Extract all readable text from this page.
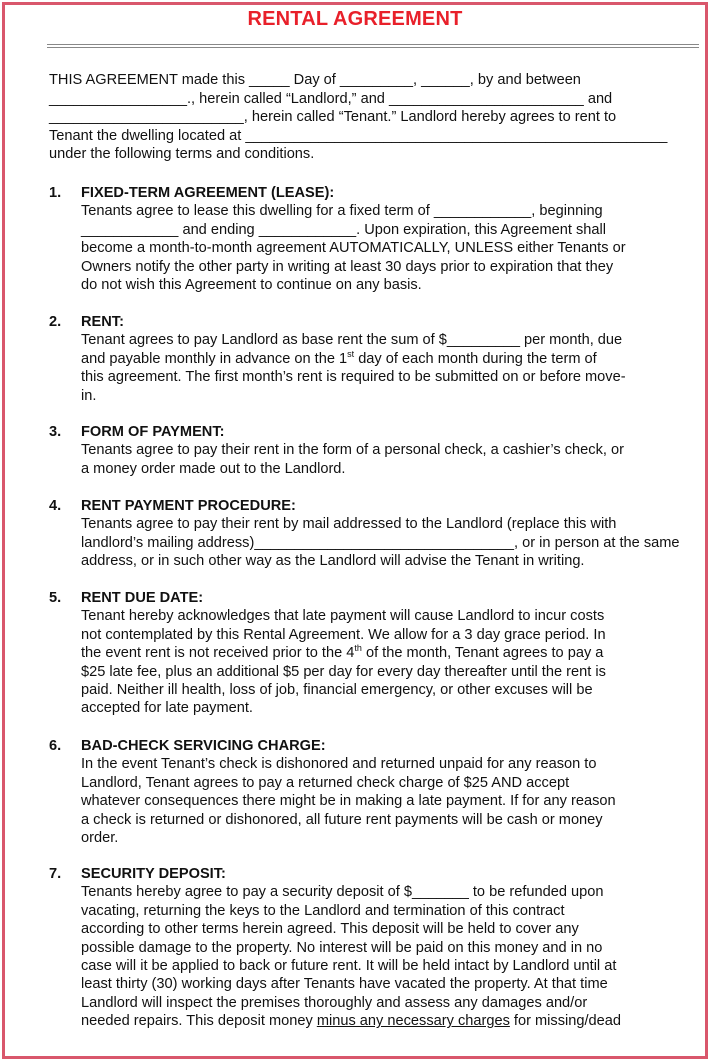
RENTAL AGREEMENT
THIS AGREEMENT made this _____ Day of _________, ______, by and between
_________________., herein called “Landlord,” and ________________________ and
________________________, herein called “Tenant.” Landlord hereby agrees to rent to
Tenant the dwelling located at ____________________________________________________
under the following terms and conditions.
1. FIXED-TERM AGREEMENT (LEASE):
Tenants agree to lease this dwelling for a fixed term of ____________, beginning
____________ and ending ____________. Upon expiration, this Agreement shall
become a month-to-month agreement AUTOMATICALLY, UNLESS either Tenants or
Owners notify the other party in writing at least 30 days prior to expiration that they
do not wish this Agreement to continue on any basis.
2. RENT:
Tenant agrees to pay Landlord as base rent the sum of $_________ per month, due
and payable monthly in advance on the 1st day of each month during the term of
this agreement. The first month’s rent is required to be submitted on or before move-
in.
3. FORM OF PAYMENT:
Tenants agree to pay their rent in the form of a personal check, a cashier’s check, or
a money order made out to the Landlord.
4. RENT PAYMENT PROCEDURE:
Tenants agree to pay their rent by mail addressed to the Landlord (replace this with
landlord’s mailing address)________________________________, or in person at the same
address, or in such other way as the Landlord will advise the Tenant in writing.
5. RENT DUE DATE:
Tenant hereby acknowledges that late payment will cause Landlord to incur costs
not contemplated by this Rental Agreement. We allow for a 3 day grace period. In
the event rent is not received prior to the 4th of the month, Tenant agrees to pay a
$25 late fee, plus an additional $5 per day for every day thereafter until the rent is
paid. Neither ill health, loss of job, financial emergency, or other excuses will be
accepted for late payment.
6. BAD-CHECK SERVICING CHARGE:
In the event Tenant’s check is dishonored and returned unpaid for any reason to
Landlord, Tenant agrees to pay a returned check charge of $25 AND accept
whatever consequences there might be in making a late payment. If for any reason
a check is returned or dishonored, all future rent payments will be cash or money
order.
7. SECURITY DEPOSIT:
Tenants hereby agree to pay a security deposit of $_______ to be refunded upon
vacating, returning the keys to the Landlord and termination of this contract
according to other terms herein agreed. This deposit will be held to cover any
possible damage to the property. No interest will be paid on this money and in no
case will it be applied to back or future rent. It will be held intact by Landlord until at
least thirty (30) working days after Tenants have vacated the property. At that time
Landlord will inspect the premises thoroughly and assess any damages and/or
needed repairs. This deposit money minus any necessary charges for missing/dead
